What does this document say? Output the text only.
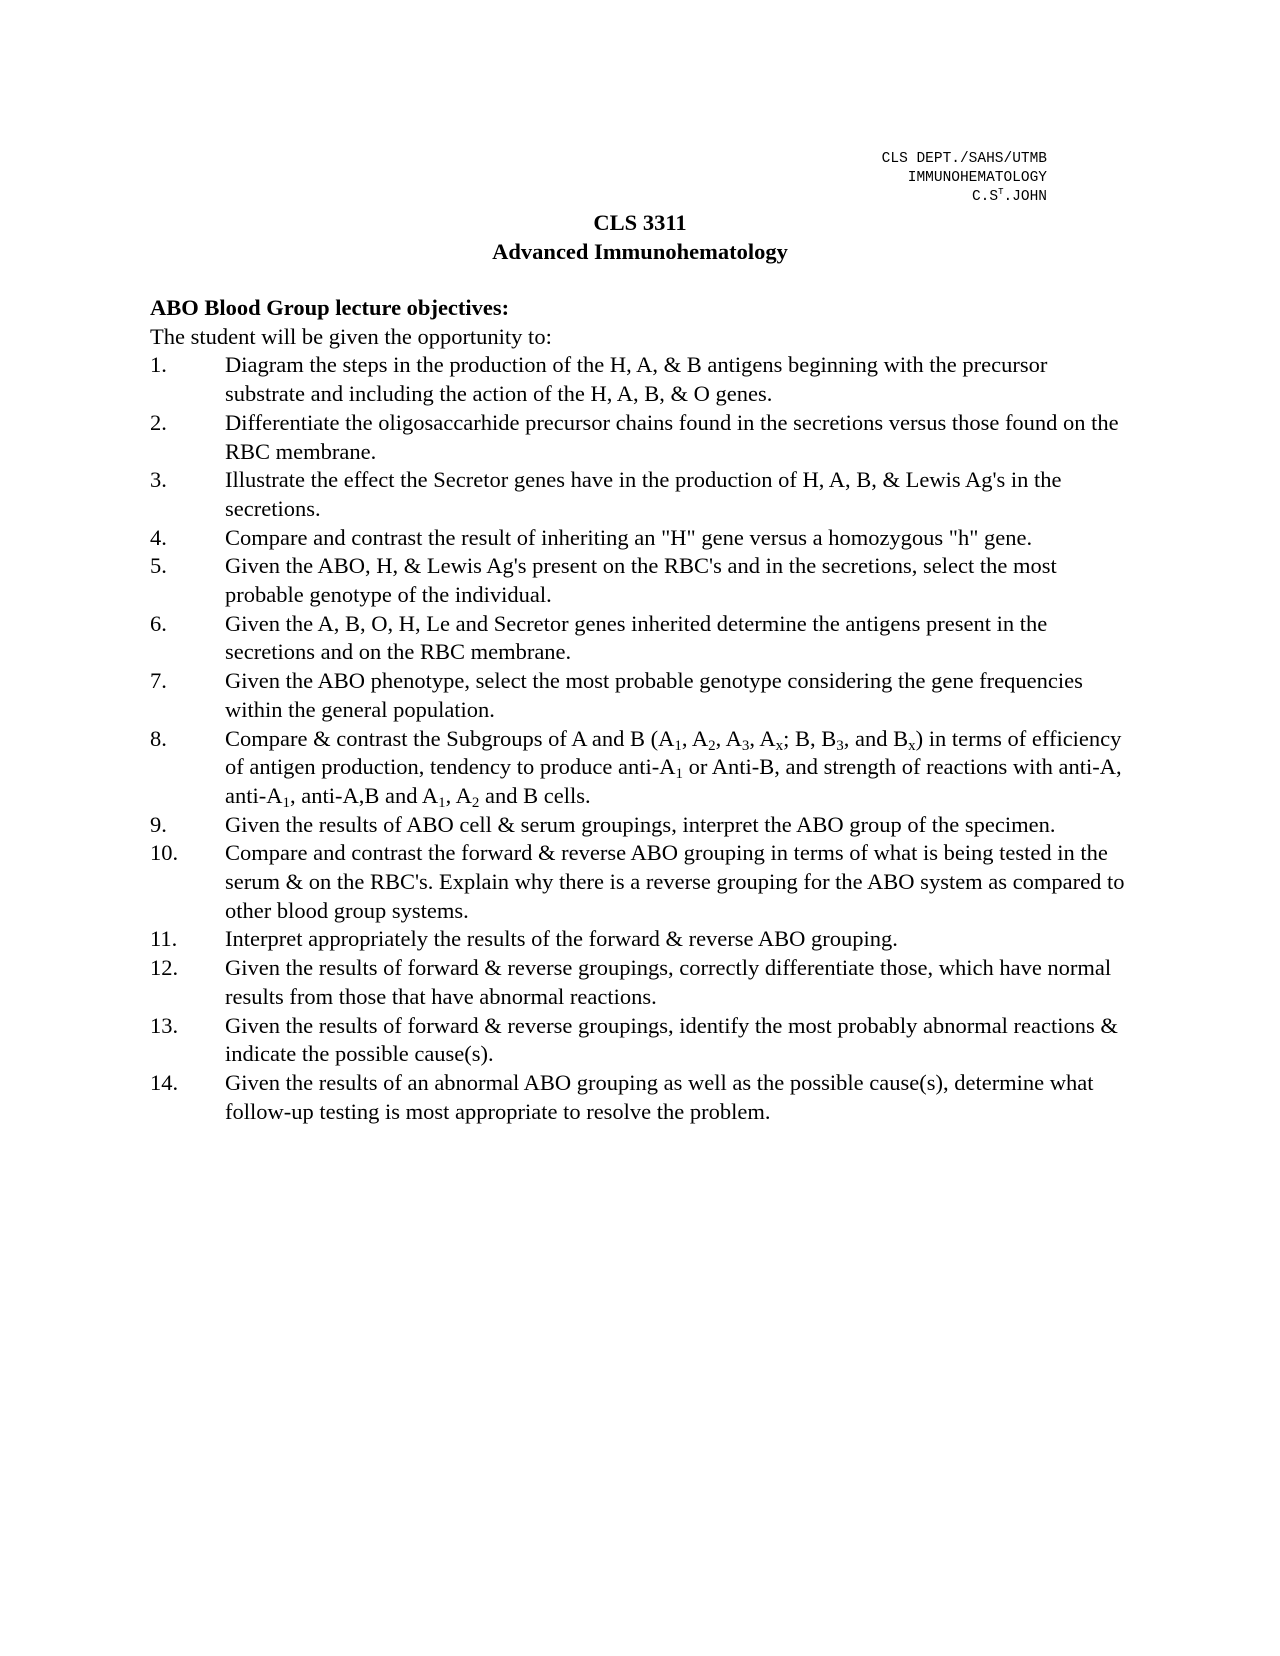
CLS DEPT./SAHS/UTMB
IMMUNOHEMATOLOGY
$C.S^T.JOHN$
CLS 3311
Advanced Immunohematology
ABO Blood Group lecture objectives:
The student will be given the opportunity to:
1.	Diagram the steps in the production of the H, A, & B antigens beginning with the precursor substrate and including the action of the H, A, B, & O genes.
2.	Differentiate the oligosaccarhide precursor chains found in the secretions versus those found on the RBC membrane.
3.	Illustrate the effect the Secretor genes have in the production of H, A, B, & Lewis Ag's in the secretions.
4.	Compare and contrast the result of inheriting an "H" gene versus a homozygous "h" gene.
5.	Given the ABO, H, & Lewis Ag's present on the RBC's and in the secretions, select the most probable genotype of the individual.
6.	Given the A, B, O, H, Le and Secretor genes inherited determine the antigens present in the secretions and on the RBC membrane.
7.	Given the ABO phenotype, select the most probable genotype considering the gene frequencies within the general population.
8.	Compare & contrast the Subgroups of A and B ($A_1$, $A_2$, $A_3$, $A_x$; B, $B_3$, and $B_x$) in terms of efficiency of antigen production, tendency to produce anti-$A_1$ or Anti-B, and strength of reactions with anti-A, anti-$A_1$, anti-A,B and $A_1$, $A_2$ and B cells.
9.	Given the results of ABO cell & serum groupings, interpret the ABO group of the specimen.
10. Compare and contrast the forward & reverse ABO grouping in terms of what is being tested in the serum & on the RBC's. Explain why there is a reverse grouping for the ABO system as compared to other blood group systems.
11. Interpret appropriately the results of the forward & reverse ABO grouping.
12. Given the results of forward & reverse groupings, correctly differentiate those, which have normal results from those that have abnormal reactions.
13. Given the results of forward & reverse groupings, identify the most probably abnormal reactions & indicate the possible cause(s).
14. Given the results of an abnormal ABO grouping as well as the possible cause(s), determine what follow-up testing is most appropriate to resolve the problem.
